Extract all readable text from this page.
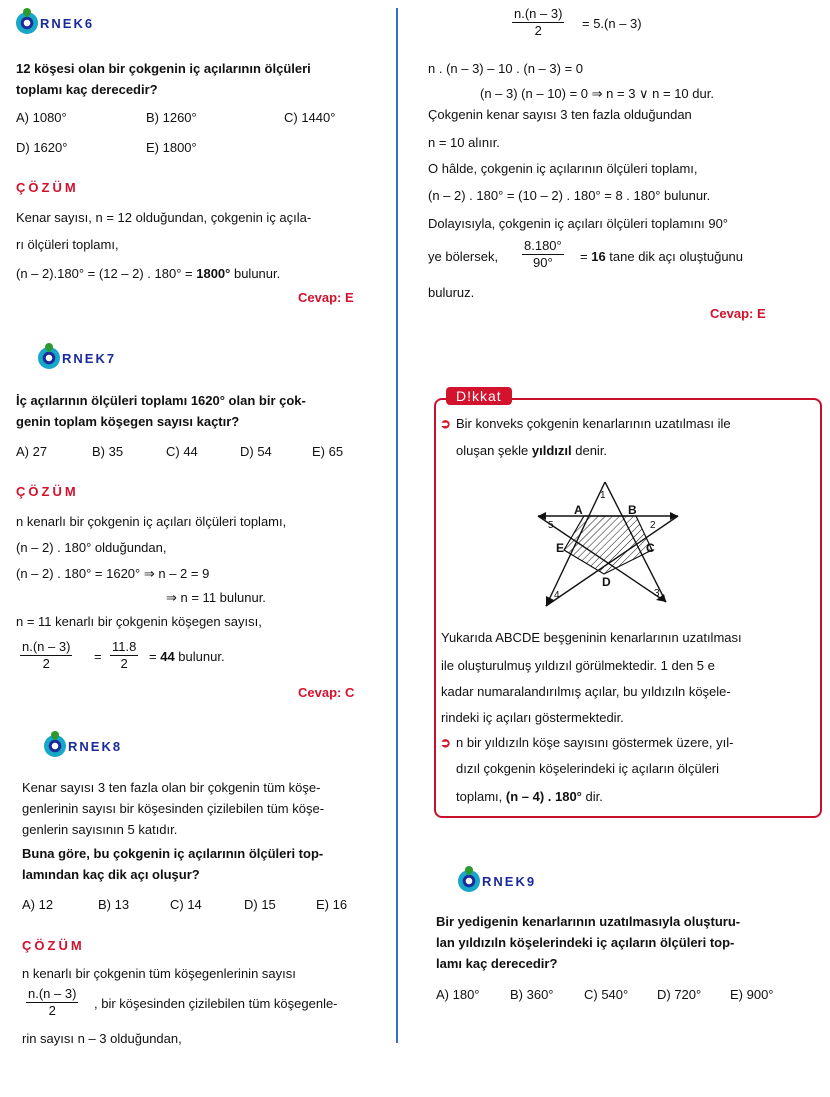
RNEK6
12 köşesi olan bir çokgenin iç açılarının ölçüleri
toplamı kaç derecedir?
A) 1080°	B) 1260°	C) 1440°
D) 1620°	E) 1800°
ÇÖZÜM
Kenar sayısı, n = 12 olduğundan, çokgenin iç açıla-
rı ölçüleri toplamı,
(n – 2).180° = (12 – 2) . 180° = 1800° bulunur.
Cevap: E
RNEK7
İç açılarının ölçüleri toplamı 1620° olan bir çok-
genin toplam köşegen sayısı kaçtır?
A) 27	B) 35	C) 44	D) 54	E) 65
ÇÖZÜM
n kenarlı bir çokgenin iç açıları ölçüleri toplamı,
(n – 2) . 180° olduğundan,
(n – 2) . 180° = 1620° ⇒ n – 2 = 9
⇒ n = 11 bulunur.
n = 11 kenarlı bir çokgenin köşegen sayısı,
$\frac{n.(n - 3)}{2} = \frac{11.8}{2} = 44$ bulunur.
Cevap: C
RNEK8
Kenar sayısı 3 ten fazla olan bir çokgenin tüm köşe-
genlerinin sayısı bir köşesinden çizilebilen tüm köşe-
genlerin sayısının 5 katıdır.
Buna göre, bu çokgenin iç açılarının ölçüleri top-
lamından kaç dik açı oluşur?
A) 12	B) 13	C) 14	D) 15	E) 16
ÇÖZÜM
n kenarlı bir çokgenin tüm köşegenlerinin sayısı
$\frac{n.(n - 3)}{2}$ , bir köşesinden çizilebilen tüm köşegenle-
rin sayısı n – 3 olduğundan,
$\frac{n.(n - 3)}{2} = 5.(n - 3)$
n . (n – 3) – 10 . (n – 3) = 0
(n – 3) (n – 10) = 0 ⇒ n = 3 ∨ n = 10 dur.
Çokgenin kenar sayısı 3 ten fazla olduğundan
n = 10 alınır.
O hâlde, çokgenin iç açılarının ölçüleri toplamı,
(n – 2) . 180° = (10 – 2) . 180° = 8 . 180° bulunur.
Dolayısıyla, çokgenin iç açıları ölçüleri toplamını 90°
ye bölersek, $\frac{8.180^\circ}{90^\circ} = 16$ tane dik açı oluştuğunu
buluruz.
Cevap: E
D!kkat
➲ Bir konveks çokgenin kenarlarının uzatılması ile
oluşan şekle yıldızıl denir.
A	B
C
D
E
1
2
3
4
5
Yukarıda ABCDE beşgeninin kenarlarının uzatılması
ile oluşturulmuş yıldızıl görülmektedir. 1 den 5 e
kadar numaralandırılmış açılar, bu yıldızıln köşele-
rindeki iç açıları göstermektedir.
➲ n bir yıldızıln köşe sayısını göstermek üzere, yıl-
dızıl çokgenin köşelerindeki iç açıların ölçüleri
toplamı, (n – 4) . 180° dir.
RNEK9
Bir yedigenin kenarlarının uzatılmasıyla oluşturu-
lan yıldızıln köşelerindeki iç açıların ölçüleri top-
lamı kaç derecedir?
A) 180° B) 360° C) 540° D) 720° E) 900°
